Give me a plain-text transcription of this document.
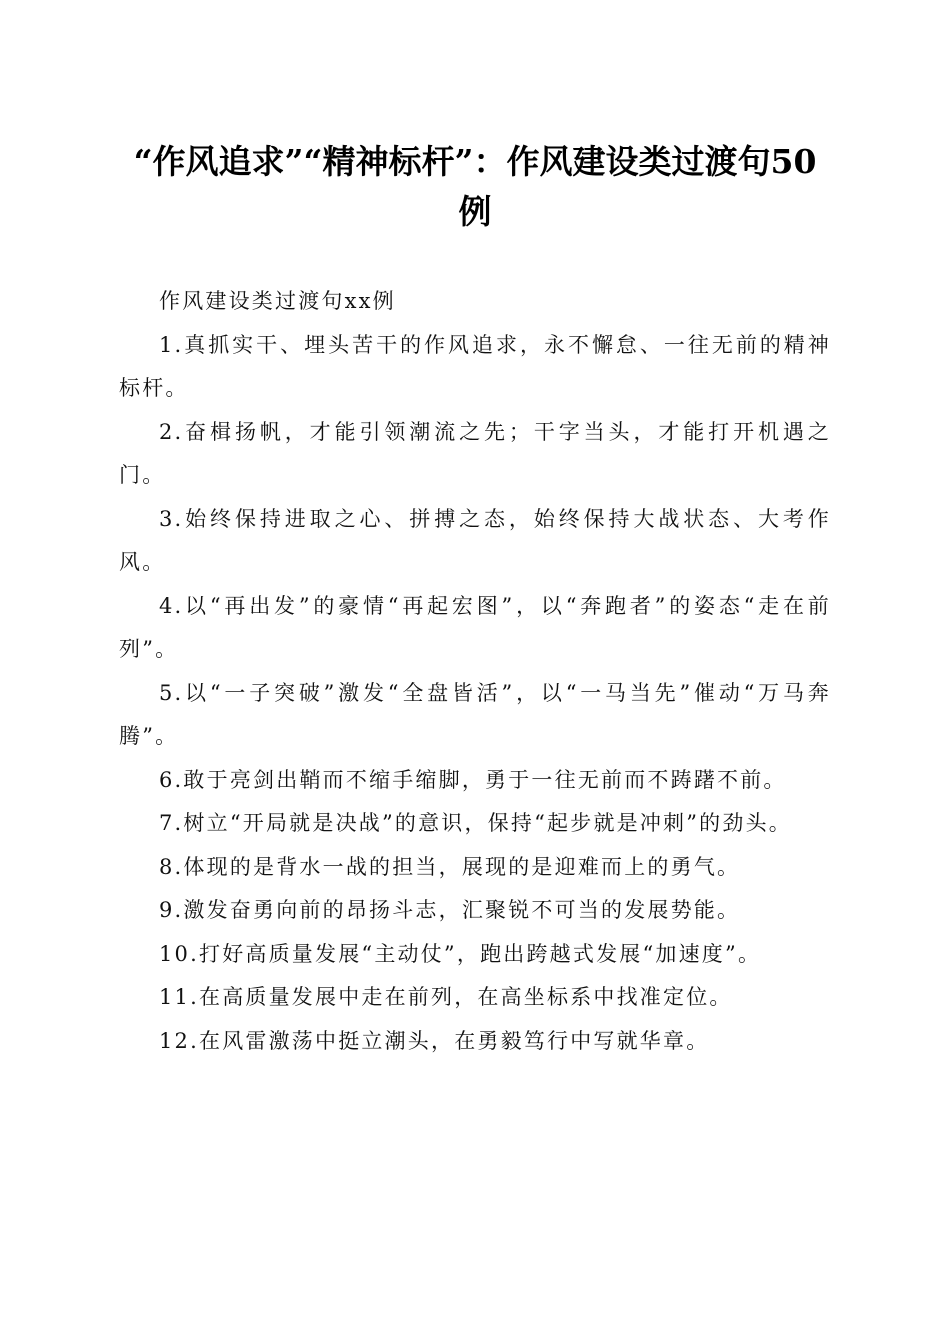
“作风追求”“精神标杆”：作风建设类过渡句50例

作风建设类过渡句xx例

1.真抓实干、埋头苦干的作风追求，永不懈怠、一往无前的精神标杆。

2.奋楫扬帆，才能引领潮流之先；干字当头，才能打开机遇之门。

3.始终保持进取之心、拼搏之态，始终保持大战状态、大考作风。

4.以“再出发”的豪情“再起宏图”，以“奔跑者”的姿态“走在前列”。

5.以“一子突破”激发“全盘皆活”，以“一马当先”催动“万马奔腾”。

6.敢于亮剑出鞘而不缩手缩脚，勇于一往无前而不踌躇不前。

7.树立“开局就是决战”的意识，保持“起步就是冲刺”的劲头。

8.体现的是背水一战的担当，展现的是迎难而上的勇气。

9.激发奋勇向前的昂扬斗志，汇聚锐不可当的发展势能。

10.打好高质量发展“主动仗”，跑出跨越式发展“加速度”。

11.在高质量发展中走在前列，在高坐标系中找准定位。

12.在风雷激荡中挺立潮头，在勇毅笃行中写就华章。
